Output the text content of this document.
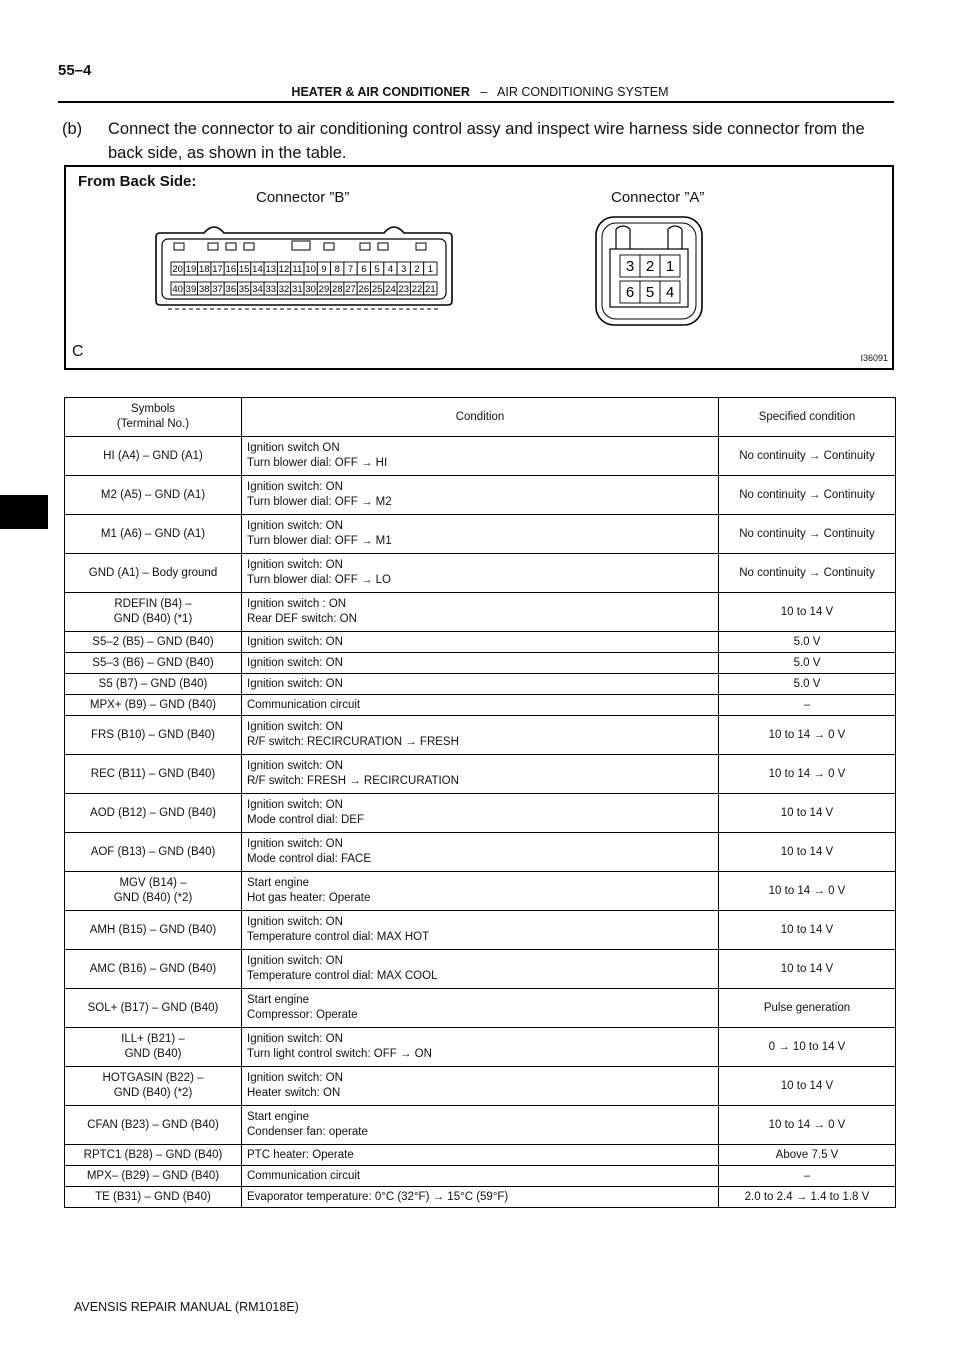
55–4
HEATER & AIR CONDITIONER – AIR CONDITIONING SYSTEM
(b) Connect the connector to air conditioning control assy and inspect wire harness side connector from the back side, as shown in the table.
From Back Side:
Connector ”B”	Connector ”A”
C	I36091
20 19 18 17 16 15 14 13 12 11 10 9 8 7 6 5 4 3 2 1
40 39 38 37 36 35 34 33 32 31 30 29 28 27 26 25 24 23 22 21
3 2 1
6 5 4
Symbols
(Terminal No.)	Condition	Specified condition

HI (A4) – GND (A1)	Ignition switch ON
Turn blower dial: OFF → HI	No continuity → Continuity

M2 (A5) – GND (A1)	Ignition switch: ON
Turn blower dial: OFF → M2	No continuity → Continuity

M1 (A6) – GND (A1)	Ignition switch: ON
Turn blower dial: OFF → M1	No continuity → Continuity

GND (A1) – Body ground	Ignition switch: ON
Turn blower dial: OFF → LO	No continuity → Continuity

RDEFIN (B4) –
GND (B40) (*1)	Ignition switch : ON
Rear DEF switch: ON	10 to 14 V

S5–2 (B5) – GND (B40)	Ignition switch: ON	5.0 V

S5–3 (B6) – GND (B40)	Ignition switch: ON	5.0 V

S5 (B7) – GND (B40)	Ignition switch: ON	5.0 V

MPX+ (B9) – GND (B40)	Communication circuit	–

FRS (B10) – GND (B40)	Ignition switch: ON
R/F switch: RECIRCURATION → FRESH	10 to 14 → 0 V

REC (B11) – GND (B40)	Ignition switch: ON
R/F switch: FRESH → RECIRCURATION	10 to 14 → 0 V

AOD (B12) – GND (B40)	Ignition switch: ON
Mode control dial: DEF	10 to 14 V

AOF (B13) – GND (B40)	Ignition switch: ON
Mode control dial: FACE	10 to 14 V

MGV (B14) –
GND (B40) (*2)	Start engine
Hot gas heater: Operate	10 to 14 → 0 V

AMH (B15) – GND (B40)	Ignition switch: ON
Temperature control dial: MAX HOT	10 to 14 V

AMC (B16) – GND (B40)	Ignition switch: ON
Temperature control dial: MAX COOL	10 to 14 V

SOL+ (B17) – GND (B40)	Start engine
Compressor: Operate	Pulse generation

ILL+ (B21) –
GND (B40)	Ignition switch: ON
Turn light control switch: OFF → ON	0 → 10 to 14 V

HOTGASIN (B22) –
GND (B40) (*2)	Ignition switch: ON
Heater switch: ON	10 to 14 V

CFAN (B23) – GND (B40)	Start engine
Condenser fan: operate	10 to 14 → 0 V

RPTC1 (B28) – GND (B40)	PTC heater: Operate	Above 7.5 V

MPX– (B29) – GND (B40)	Communication circuit	–

TE (B31) – GND (B40)	Evaporator temperature: 0°C (32°F) → 15°C (59°F)	2.0 to 2.4 → 1.4 to 1.8 V
AVENSIS REPAIR MANUAL (RM1018E)
